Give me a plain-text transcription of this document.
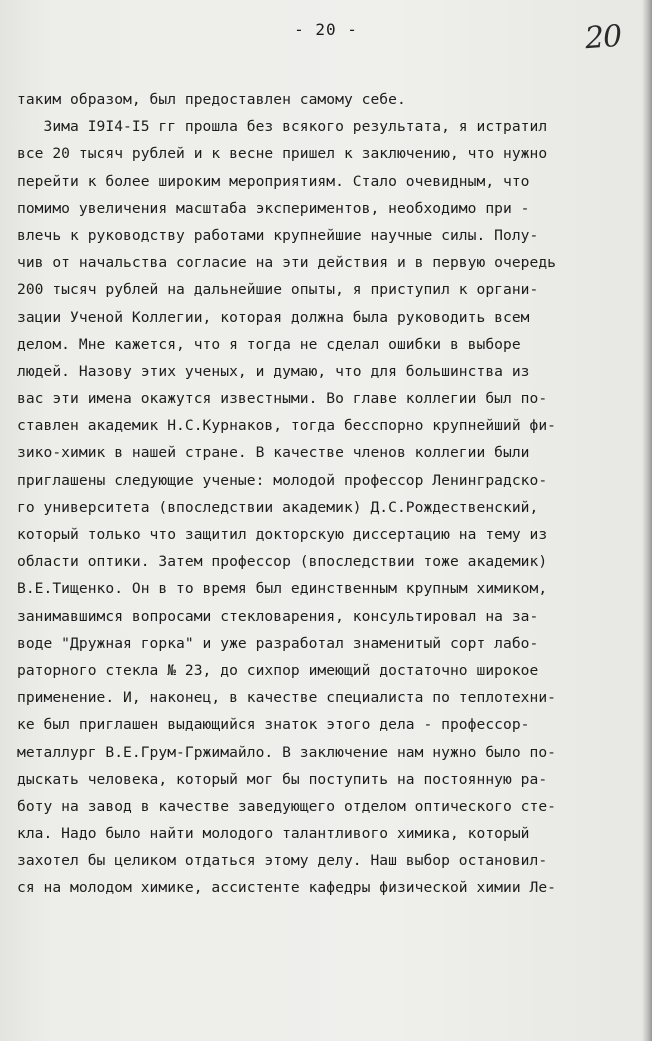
- 20 -	20
таким образом, был предоставлен самому себе.
Зима I9I4-I5 гг прошла без всякого результата, я истратил
все 20 тысяч рублей и к весне пришел к заключению, что нужно
перейти к более широким мероприятиям. Стало очевидным, что
помимо увеличения масштаба экспериментов, необходимо при -
влечь к руководству работами крупнейшие научные силы. Полу-
чив от начальства согласие на эти действия и в первую очередь
200 тысяч рублей на дальнейшие опыты, я приступил к органи-
зации Ученой Коллегии, которая должна была руководить всем
делом. Мне кажется, что я тогда не сделал ошибки в выборе
людей. Назову этих ученых, и думаю, что для большинства из
вас эти имена окажутся известными. Во главе коллегии был по-
ставлен академик Н.С.Курнаков, тогда бесспорно крупнейший фи-
зико-химик в нашей стране. В качестве членов коллегии были
приглашены следующие ученые: молодой профессор Ленинградско-
го университета (впоследствии академик) Д.С.Рождественский,
который только что защитил докторскую диссертацию на тему из
области оптики. Затем профессор (впоследствии тоже академик)
В.Е.Тищенко. Он в то время был единственным крупным химиком,
занимавшимся вопросами стекловарения, консультировал на за-
воде "Дружная горка" и уже разработал знаменитый сорт лабо-
раторного стекла № 23, до сихпор имеющий достаточно широкое
применение. И, наконец, в качестве специалиста по теплотехни-
ке был приглашен выдающийся знаток этого дела - профессор-
металлург В.Е.Грум-Гржимайло. В заключение нам нужно было по-
дыскать человека, который мог бы поступить на постоянную ра-
боту на завод в качестве заведующего отделом оптического сте-
кла. Надо было найти молодого талантливого химика, который
захотел бы целиком отдаться этому делу. Наш выбор остановил-
ся на молодом химике, ассистенте кафедры физической химии Ле-
